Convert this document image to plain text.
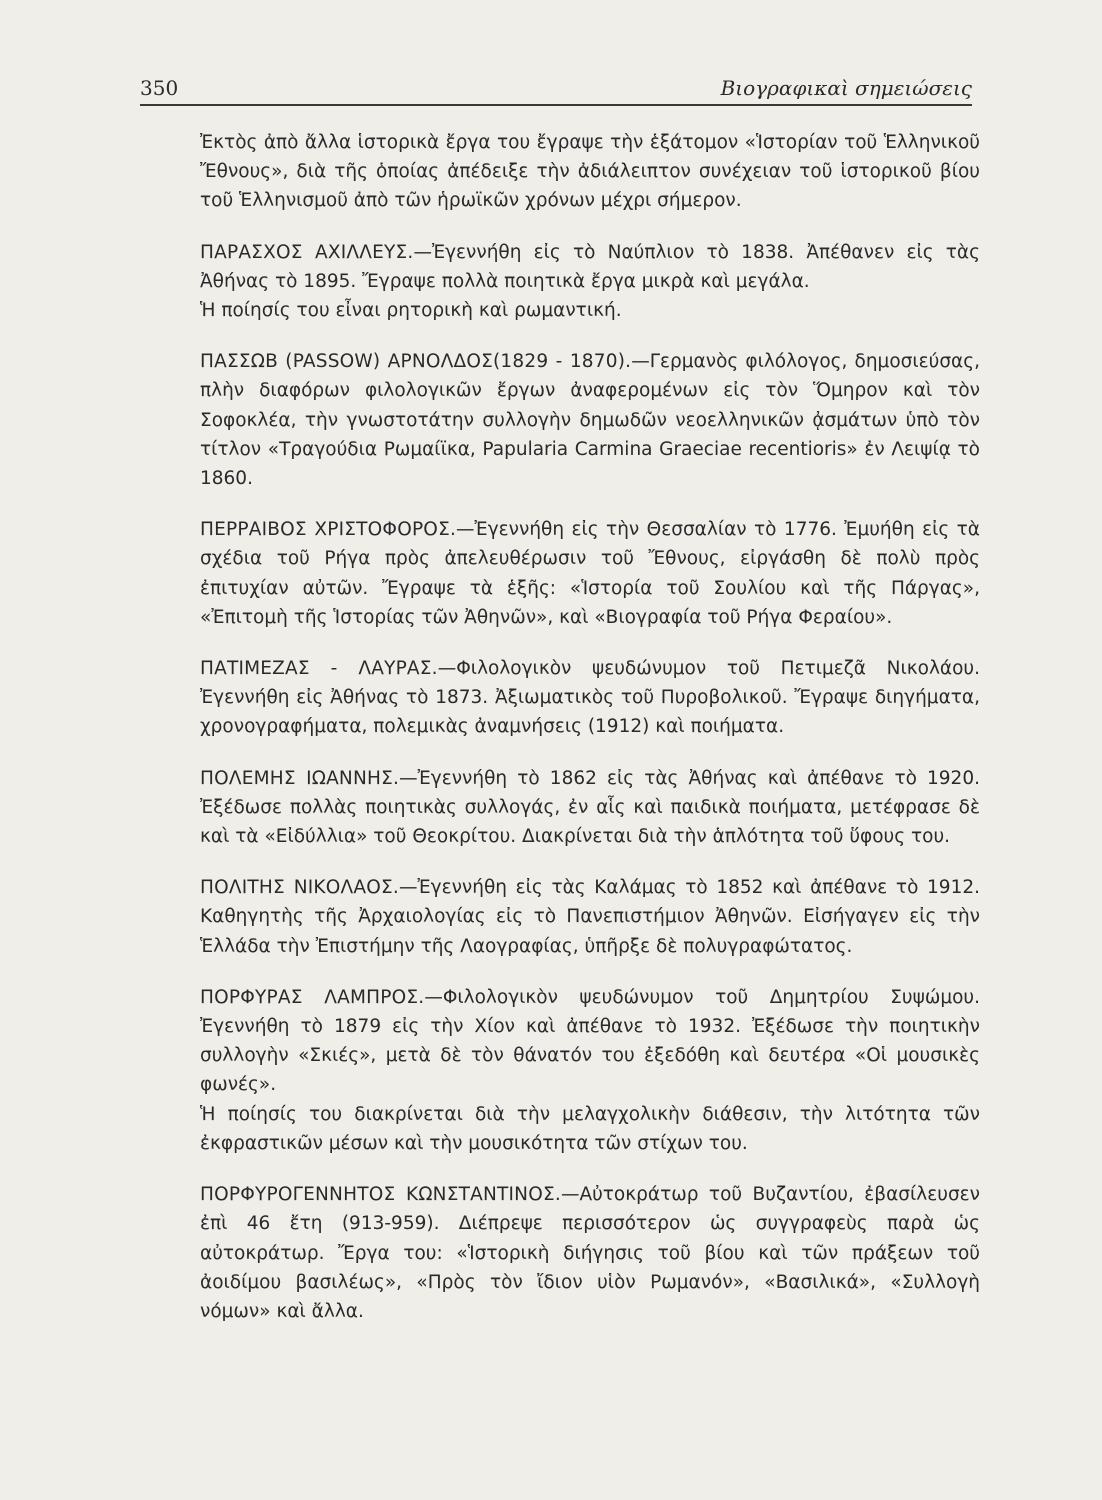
350	Βιογραφικαὶ σημειώσεις

Ἐκτὸς ἀπὸ ἄλλα ἱστορικὰ ἔργα του ἔγραψε τὴν ἑξάτομον «Ἱστορίαν τοῦ Ἑλληνικοῦ Ἔθνους», διὰ τῆς ὁποίας ἀπέδειξε τὴν ἀδιάλειπτον συνέχειαν τοῦ ἱστορικοῦ βίου τοῦ Ἑλληνισμοῦ ἀπὸ τῶν ἡρωϊκῶν χρόνων μέχρι σήμερον.

ΠΑΡΑΣΧΟΣ ΑΧΙΛΛΕΥΣ.—Ἐγεννήθη εἰς τὸ Ναύπλιον τὸ 1838. Ἀπέθανεν εἰς τὰς Ἀθήνας τὸ 1895. Ἔγραψε πολλὰ ποιητικὰ ἔργα μικρὰ καὶ μεγάλα.

Ἡ ποίησίς του εἶναι ρητορικὴ καὶ ρωμαντική.

ΠΑΣΣΩΒ (PASSOW) ΑΡΝΟΛΔΟΣ(1829 - 1870).—Γερμανὸς φιλόλογος, δημοσιεύσας, πλὴν διαφόρων φιλολογικῶν ἔργων ἀναφερομένων εἰς τὸν Ὅμηρον καὶ τὸν Σοφοκλέα, τὴν γνωστοτάτην συλλογὴν δημωδῶν νεοελληνικῶν ᾀσμάτων ὑπὸ τὸν τίτλον «Τραγούδια Ρωμαίϊκα, Papularia Carmina Graeciae recentioris» ἐν Λειψίᾳ τὸ 1860.

ΠΕΡΡΑΙΒΟΣ ΧΡΙΣΤΟΦΟΡΟΣ.—Ἐγεννήθη εἰς τὴν Θεσσαλίαν τὸ 1776. Ἐμυήθη εἰς τὰ σχέδια τοῦ Ρήγα πρὸς ἀπελευθέρωσιν τοῦ Ἔθνους, εἰργάσθη δὲ πολὺ πρὸς ἐπιτυχίαν αὐτῶν. Ἔγραψε τὰ ἑξῆς: «Ἱστορία τοῦ Σουλίου καὶ τῆς Πάργας», «Ἐπιτομὴ τῆς Ἱστορίας τῶν Ἀθηνῶν», καὶ «Βιογραφία τοῦ Ρήγα Φεραίου».

ΠΑΤΙΜΕΖΑΣ - ΛΑΥΡΑΣ.—Φιλολογικὸν ψευδώνυμον τοῦ Πετιμεζᾶ Νικολάου. Ἐγεννήθη εἰς Ἀθήνας τὸ 1873. Ἀξιωματικὸς τοῦ Πυροβολικοῦ. Ἔγραψε διηγήματα, χρονογραφήματα, πολεμικὰς ἀναμνήσεις (1912) καὶ ποιήματα.

ΠΟΛΕΜΗΣ ΙΩΑΝΝΗΣ.—Ἐγεννήθη τὸ 1862 εἰς τὰς Ἀθήνας καὶ ἀπέθανε τὸ 1920. Ἐξέδωσε πολλὰς ποιητικὰς συλλογάς, ἐν αἷς καὶ παιδικὰ ποιήματα, μετέφρασε δὲ καὶ τὰ «Εἰδύλλια» τοῦ Θεοκρίτου. Διακρίνεται διὰ τὴν ἁπλότητα τοῦ ὕφους του.

ΠΟΛΙΤΗΣ ΝΙΚΟΛΑΟΣ.—Ἐγεννήθη εἰς τὰς Καλάμας τὸ 1852 καὶ ἀπέθανε τὸ 1912. Καθηγητὴς τῆς Ἀρχαιολογίας εἰς τὸ Πανεπιστήμιον Ἀθηνῶν. Εἰσήγαγεν εἰς τὴν Ἑλλάδα τὴν Ἐπιστήμην τῆς Λαογραφίας, ὑπῆρξε δὲ πολυγραφώτατος.

ΠΟΡΦΥΡΑΣ ΛΑΜΠΡΟΣ.—Φιλολογικὸν ψευδώνυμον τοῦ Δημητρίου Συψώμου. Ἐγεννήθη τὸ 1879 εἰς τὴν Χίον καὶ ἀπέθανε τὸ 1932. Ἐξέδωσε τὴν ποιητικὴν συλλογὴν «Σκιές», μετὰ δὲ τὸν θάνατόν του ἐξεδόθη καὶ δευτέρα «Οἱ μουσικὲς φωνές».

Ἡ ποίησίς του διακρίνεται διὰ τὴν μελαγχολικὴν διάθεσιν, τὴν λιτότητα τῶν ἐκφραστικῶν μέσων καὶ τὴν μουσικότητα τῶν στίχων του.

ΠΟΡΦΥΡΟΓΕΝΝΗΤΟΣ ΚΩΝΣΤΑΝΤΙΝΟΣ.—Αὐτοκράτωρ τοῦ Βυζαντίου, ἐβασίλευσεν ἐπὶ 46 ἔτη (913-959). Διέπρεψε περισσότερον ὡς συγγραφεὺς παρὰ ὡς αὐτοκράτωρ. Ἔργα του: «Ἱστορικὴ διήγησις τοῦ βίου καὶ τῶν πράξεων τοῦ ἀοιδίμου βασιλέως», «Πρὸς τὸν ἴδιον υἱὸν Ρωμανόν», «Βασιλικά», «Συλλογὴ νόμων» καὶ ἄλλα.
